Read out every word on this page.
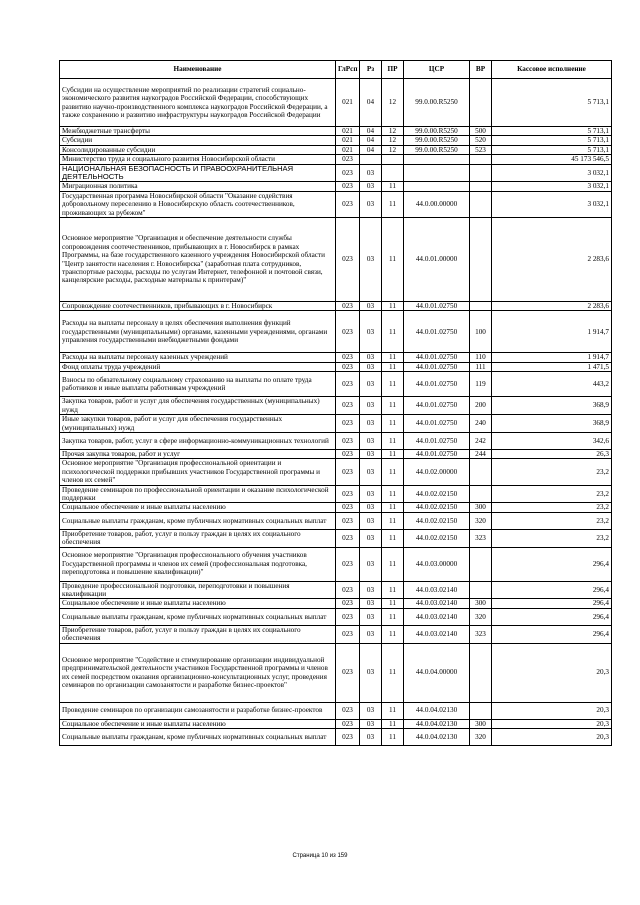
Наименование	ГлРсп	Рз	ПР	ЦСР	ВР	Кассовое исполнение
Субсидии на осуществление мероприятий по реализации стратегий социально-экономического развития наукоградов Российской Федерации, способствующих развитию научно-производственного комплекса наукоградов Российской Федерации, а также сохранению и развитию инфраструктуры наукоградов Российской Федерации	021	04	12	99.0.00.R5250		5 713,1
Межбюджетные трансферты	021	04	12	99.0.00.R5250	500	5 713,1
Субсидии	021	04	12	99.0.00.R5250	520	5 713,1
Консолидированные субсидии	021	04	12	99.0.00.R5250	523	5 713,1
Министерство труда и социального развития Новосибирской области	023					45 173 546,5
НАЦИОНАЛЬНАЯ БЕЗОПАСНОСТЬ И ПРАВООХРАНИТЕЛЬНАЯ ДЕЯТЕЛЬНОСТЬ	023	03				3 032,1
Миграционная политика	023	03	11			3 032,1
Государственная программа Новосибирской области "Оказание содействия добровольному переселению в Новосибирскую область соотечественников, проживающих за рубежом"	023	03	11	44.0.00.00000		3 032,1
Основное мероприятие "Организация и обеспечение деятельности службы сопровождения соотечественников, прибывающих в г. Новосибирск в рамках Программы, на базе государственного казенного учреждения Новосибирской области "Центр занятости населения г. Новосибирска" (заработная плата сотрудников, транспортные расходы, расходы по услугам Интернет, телефонной и почтовой связи, канцелярские расходы, расходные материалы к принтерам)"	023	03	11	44.0.01.00000		2 283,6
Сопровождение соотечественников, прибывающих в г. Новосибирск	023	03	11	44.0.01.02750		2 283,6
Расходы на выплаты персоналу в целях обеспечения выполнения функций государственными (муниципальными) органами, казенными учреждениями, органами управления государственными внебюджетными фондами	023	03	11	44.0.01.02750	100	1 914,7
Расходы на выплаты персоналу казенных учреждений	023	03	11	44.0.01.02750	110	1 914,7
Фонд оплаты труда учреждений	023	03	11	44.0.01.02750	111	1 471,5
Взносы по обязательному социальному страхованию на выплаты по оплате труда работников и иные выплаты работникам учреждений	023	03	11	44.0.01.02750	119	443,2
Закупка товаров, работ и услуг для обеспечения государственных (муниципальных) нужд	023	03	11	44.0.01.02750	200	368,9
Иные закупки товаров, работ и услуг для обеспечения государственных (муниципальных) нужд	023	03	11	44.0.01.02750	240	368,9
Закупка товаров, работ, услуг в сфере информационно-коммуникационных технологий	023	03	11	44.0.01.02750	242	342,6
Прочая закупка товаров, работ и услуг	023	03	11	44.0.01.02750	244	26,3
Основное мероприятие "Организация профессиональной ориентации и психологической поддержки прибывших участников Государственной программы и членов их семей"	023	03	11	44.0.02.00000		23,2
Проведение семинаров по профессиональной ориентации и оказание психологической поддержки	023	03	11	44.0.02.02150		23,2
Социальное обеспечение и иные выплаты населению	023	03	11	44.0.02.02150	300	23,2
Социальные выплаты гражданам, кроме публичных нормативных социальных выплат	023	03	11	44.0.02.02150	320	23,2
Приобретение товаров, работ, услуг в пользу граждан в целях их социального обеспечения	023	03	11	44.0.02.02150	323	23,2
Основное мероприятие "Организация профессионального обучения участников Государственной программы и членов их семей (профессиональная подготовка, переподготовка и повышение квалификации)"	023	03	11	44.0.03.00000		296,4
Проведение профессиональной подготовки, переподготовки и повышения квалификации	023	03	11	44.0.03.02140		296,4
Социальное обеспечение и иные выплаты населению	023	03	11	44.0.03.02140	300	296,4
Социальные выплаты гражданам, кроме публичных нормативных социальных выплат	023	03	11	44.0.03.02140	320	296,4
Приобретение товаров, работ, услуг в пользу граждан в целях их социального обеспечения	023	03	11	44.0.03.02140	323	296,4
Основное мероприятие "Содействие и стимулирование организации индивидуальной предпринимательской деятельности участников Государственной программы и членов их семей посредством оказания организационно-консультационных услуг, проведения семинаров по организации самозанятости и разработке бизнес-проектов"	023	03	11	44.0.04.00000		20,3
Проведение семинаров по организации самозанятости и разработке бизнес-проектов	023	03	11	44.0.04.02130		20,3
Социальное обеспечение и иные выплаты населению	023	03	11	44.0.04.02130	300	20,3
Социальные выплаты гражданам, кроме публичных нормативных социальных выплат	023	03	11	44.0.04.02130	320	20,3
Страница 10 из 159
